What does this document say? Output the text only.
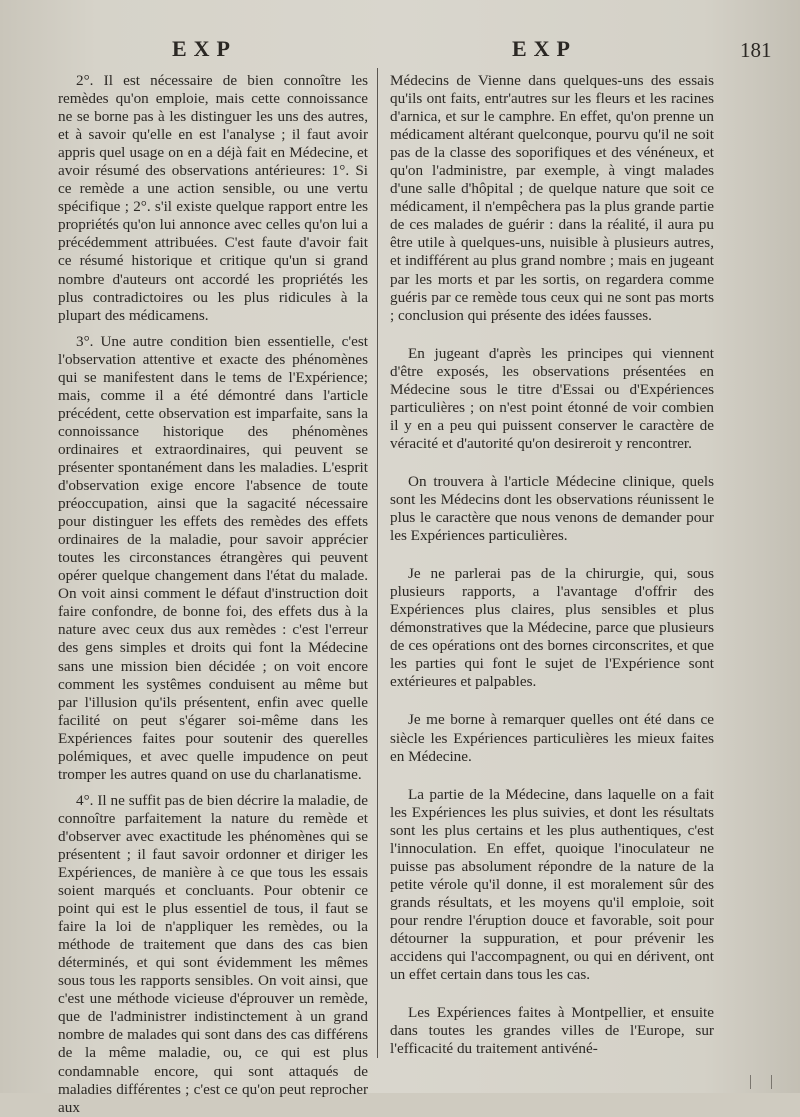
EXP	EXP	181

2°. Il est nécessaire de bien connoître les remèdes qu'on emploie, mais cette connoissance ne se borne pas à les distinguer les uns des autres, et à savoir qu'elle en est l'analyse ; il faut avoir appris quel usage on en a déjà fait en Médecine, et avoir résumé des observations antérieures: 1°. Si ce remède a une action sensible, ou une vertu spécifique ; 2°. s'il existe quelque rapport entre les propriétés qu'on lui annonce avec celles qu'on lui a précédemment attribuées. C'est faute d'avoir fait ce résumé historique et critique qu'un si grand nombre d'auteurs ont accordé les propriétés les plus contradictoires ou les plus ridicules à la plupart des médicamens.

3°. Une autre condition bien essentielle, c'est l'observation attentive et exacte des phénomènes qui se manifestent dans le tems de l'Expérience; mais, comme il a été démontré dans l'article précédent, cette observation est imparfaite, sans la connoissance historique des phénomènes ordinaires et extraordinaires, qui peuvent se présenter spontanément dans les maladies. L'esprit d'observation exige encore l'absence de toute préoccupation, ainsi que la sagacité nécessaire pour distinguer les effets des remèdes des effets ordinaires de la maladie, pour savoir apprécier toutes les circonstances étrangères qui peuvent opérer quelque changement dans l'état du malade. On voit ainsi comment le défaut d'instruction doit faire confondre, de bonne foi, des effets dus à la nature avec ceux dus aux remèdes : c'est l'erreur des gens simples et droits qui font la Médecine sans une mission bien décidée ; on voit encore comment les systêmes conduisent au même but par l'illusion qu'ils présentent, enfin avec quelle facilité on peut s'égarer soi-même dans les Expériences faites pour soutenir des querelles polémiques, et avec quelle impudence on peut tromper les autres quand on use du charlanatisme.

4°. Il ne suffit pas de bien décrire la maladie, de connoître parfaitement la nature du remède et d'observer avec exactitude les phénomènes qui se présentent ; il faut savoir ordonner et diriger les Expériences, de manière à ce que tous les essais soient marqués et concluants. Pour obtenir ce point qui est le plus essentiel de tous, il faut se faire la loi de n'appliquer les remèdes, ou la méthode de traitement que dans des cas bien déterminés, et qui sont évidemment les mêmes sous tous les rapports sensibles. On voit ainsi, que c'est une méthode vicieuse d'éprouver un remède, que de l'administrer indistinctement à un grand nombre de malades qui sont dans des cas différens de la même maladie, ou, ce qui est plus condamnable encore, qui sont attaqués de maladies différentes ; c'est ce qu'on peut reprocher aux

Médecins de Vienne dans quelques-uns des essais qu'ils ont faits, entr'autres sur les fleurs et les racines d'arnica, et sur le camphre. En effet, qu'on prenne un médicament altérant quelconque, pourvu qu'il ne soit pas de la classe des soporifiques et des vénéneux, et qu'on l'administre, par exemple, à vingt malades d'une salle d'hôpital ; de quelque nature que soit ce médicament, il n'empêchera pas la plus grande partie de ces malades de guérir : dans la réalité, il aura pu être utile à quelques-uns, nuisible à plusieurs autres, et indifférent au plus grand nombre ; mais en jugeant par les morts et par les sortis, on regardera comme guéris par ce remède tous ceux qui ne sont pas morts ; conclusion qui présente des idées fausses.

En jugeant d'après les principes qui viennent d'être exposés, les observations présentées en Médecine sous le titre d'Essai ou d'Expériences particulières ; on n'est point étonné de voir combien il y en a peu qui puissent conserver le caractère de véracité et d'autorité qu'on desireroit y rencontrer.

On trouvera à l'article Médecine clinique, quels sont les Médecins dont les observations réunissent le plus le caractère que nous venons de demander pour les Expériences particulières.

Je ne parlerai pas de la chirurgie, qui, sous plusieurs rapports, a l'avantage d'offrir des Expériences plus claires, plus sensibles et plus démonstratives que la Médecine, parce que plusieurs de ces opérations ont des bornes circonscrites, et que les parties qui font le sujet de l'Expérience sont extérieures et palpables.

Je me borne à remarquer quelles ont été dans ce siècle les Expériences particulières les mieux faites en Médecine.

La partie de la Médecine, dans laquelle on a fait les Expériences les plus suivies, et dont les résultats sont les plus certains et les plus authentiques, c'est l'innoculation. En effet, quoique l'inoculateur ne puisse pas absolument répondre de la nature de la petite vérole qu'il donne, il est moralement sûr des grands résultats, et les moyens qu'il emploie, soit pour rendre l'éruption douce et favorable, soit pour détourner la suppuration, et pour prévenir les accidens qui l'accompagnent, ou qui en dérivent, ont un effet certain dans tous les cas.

Les Expériences faites à Montpellier, et ensuite dans toutes les grandes villes de l'Europe, sur l'efficacité du traitement antivéné-
